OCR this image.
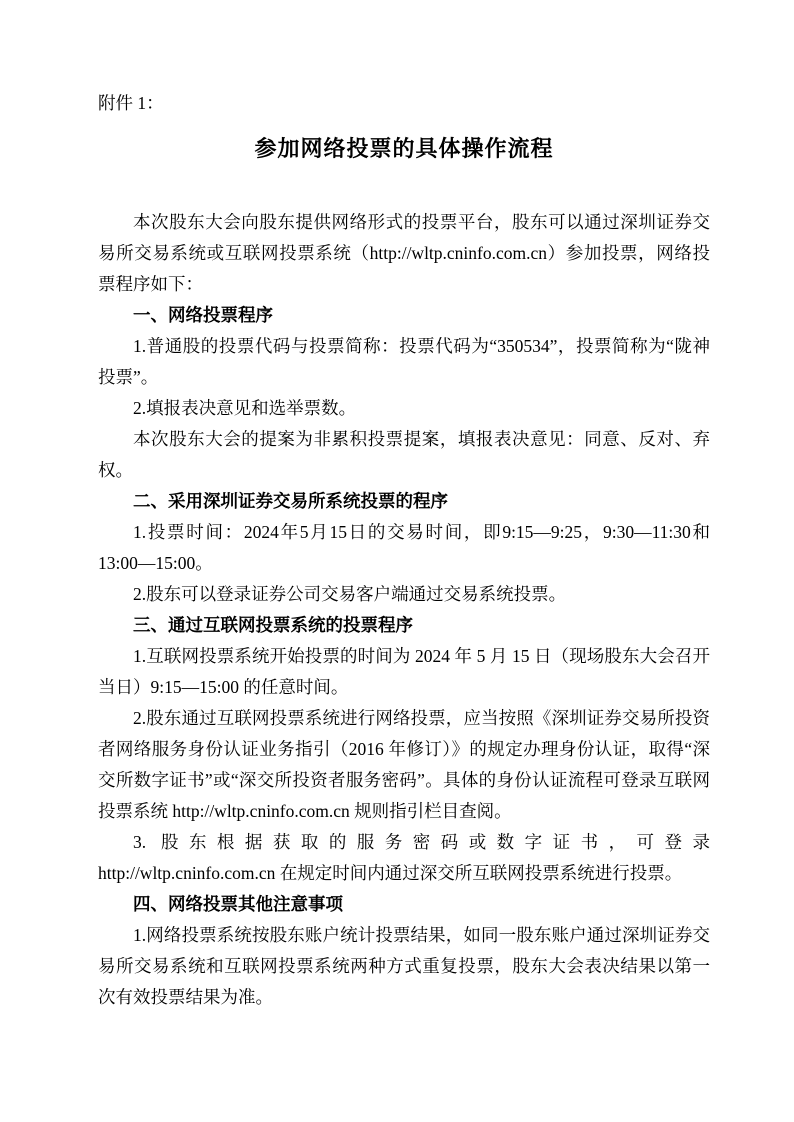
附件 1：
参加网络投票的具体操作流程

本次股东大会向股东提供网络形式的投票平台，股东可以通过深圳证券交易所交易系统或互联网投票系统（http://wltp.cninfo.com.cn）参加投票，网络投票程序如下：

一、网络投票程序

1.普通股的投票代码与投票简称：投票代码为“350534”，投票简称为“陇神投票”。

2.填报表决意见和选举票数。

本次股东大会的提案为非累积投票提案，填报表决意见：同意、反对、弃权。

二、采用深圳证券交易所系统投票的程序

1.投票时间：2024年5月15日的交易时间，即9:15—9:25，9:30—11:30和13:00—15:00。

2.股东可以登录证券公司交易客户端通过交易系统投票。

三、通过互联网投票系统的投票程序

1.互联网投票系统开始投票的时间为 2024 年 5 月 15 日（现场股东大会召开当日）9:15—15:00 的任意时间。

2.股东通过互联网投票系统进行网络投票，应当按照《深圳证券交易所投资者网络服务身份认证业务指引（2016 年修订）》的规定办理身份认证，取得“深交所数字证书”或“深交所投资者服务密码”。具体的身份认证流程可登录互联网投票系统 http://wltp.cninfo.com.cn 规则指引栏目查阅。

3. 股东根据获取的服务密码或数字证书，可登录
http://wltp.cninfo.com.cn 在规定时间内通过深交所互联网投票系统进行投票。
四、网络投票其他注意事项

1.网络投票系统按股东账户统计投票结果，如同一股东账户通过深圳证券交易所交易系统和互联网投票系统两种方式重复投票，股东大会表决结果以第一次有效投票结果为准。
